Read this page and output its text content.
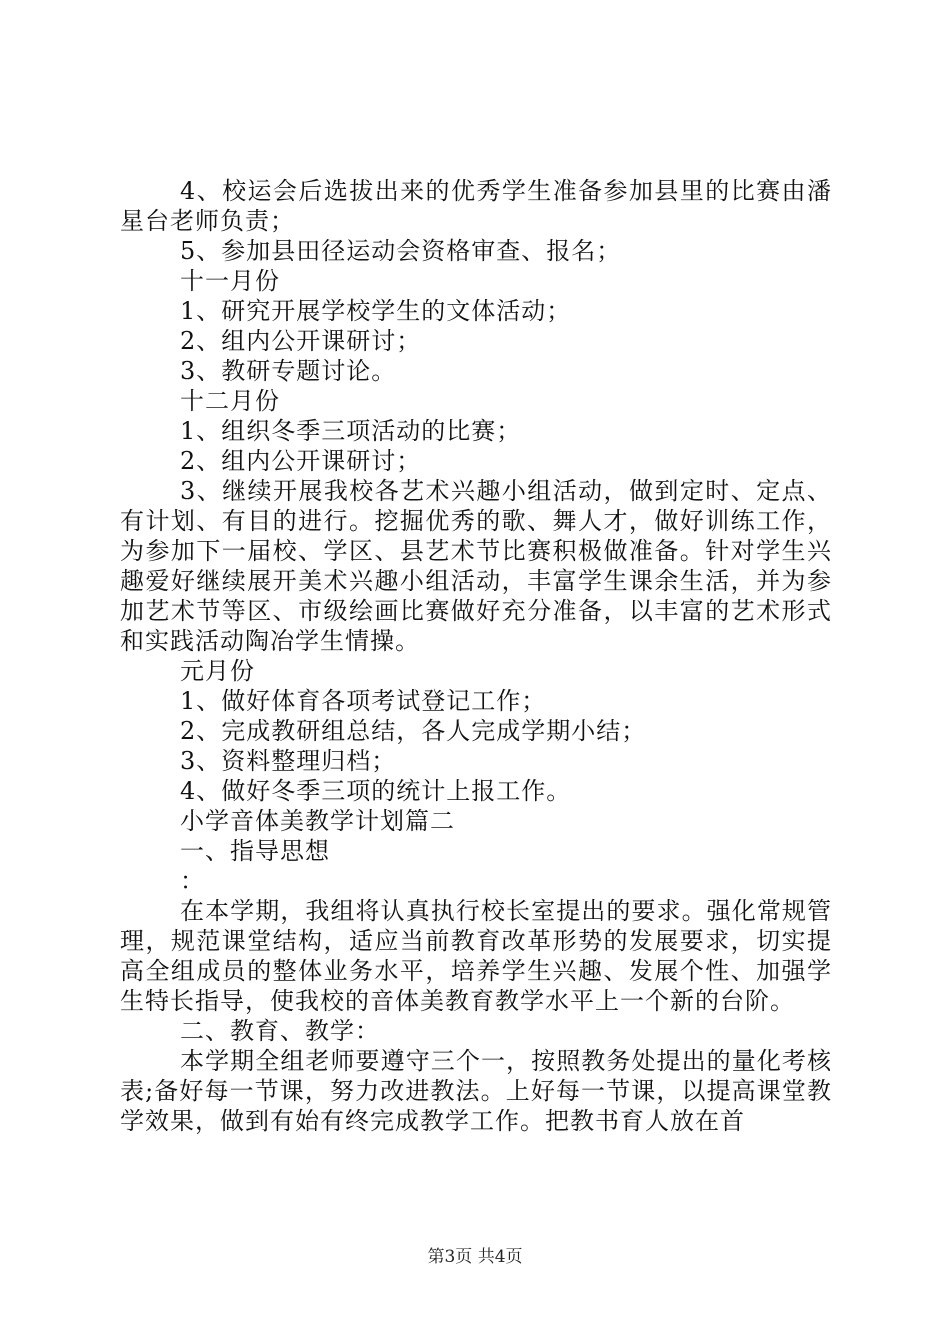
4、校运会后选拔出来的优秀学生准备参加县里的比赛由潘星台老师负责；

5、参加县田径运动会资格审查、报名；

十一月份

1、研究开展学校学生的文体活动；

2、组内公开课研讨；

3、教研专题讨论。

十二月份

1、组织冬季三项活动的比赛；

2、组内公开课研讨；

3、继续开展我校各艺术兴趣小组活动，做到定时、定点、有计划、有目的进行。挖掘优秀的歌、舞人才，做好训练工作，为参加下一届校、学区、县艺术节比赛积极做准备。针对学生兴趣爱好继续展开美术兴趣小组活动，丰富学生课余生活，并为参加艺术节等区、市级绘画比赛做好充分准备，以丰富的艺术形式和实践活动陶冶学生情操。

元月份

1、做好体育各项考试登记工作；

2、完成教研组总结，各人完成学期小结；

3、资料整理归档；

4、做好冬季三项的统计上报工作。

小学音体美教学计划篇二

一、指导思想

：

在本学期，我组将认真执行校长室提出的要求。强化常规管理，规范课堂结构，适应当前教育改革形势的发展要求，切实提高全组成员的整体业务水平，培养学生兴趣、发展个性、加强学生特长指导，使我校的音体美教育教学水平上一个新的台阶。

二、教育、教学：

本学期全组老师要遵守三个一，按照教务处提出的量化考核表;备好每一节课，努力改进教法。上好每一节课，以提高课堂教学效果，做到有始有终完成教学工作。把教书育人放在首

第3页 共4页
